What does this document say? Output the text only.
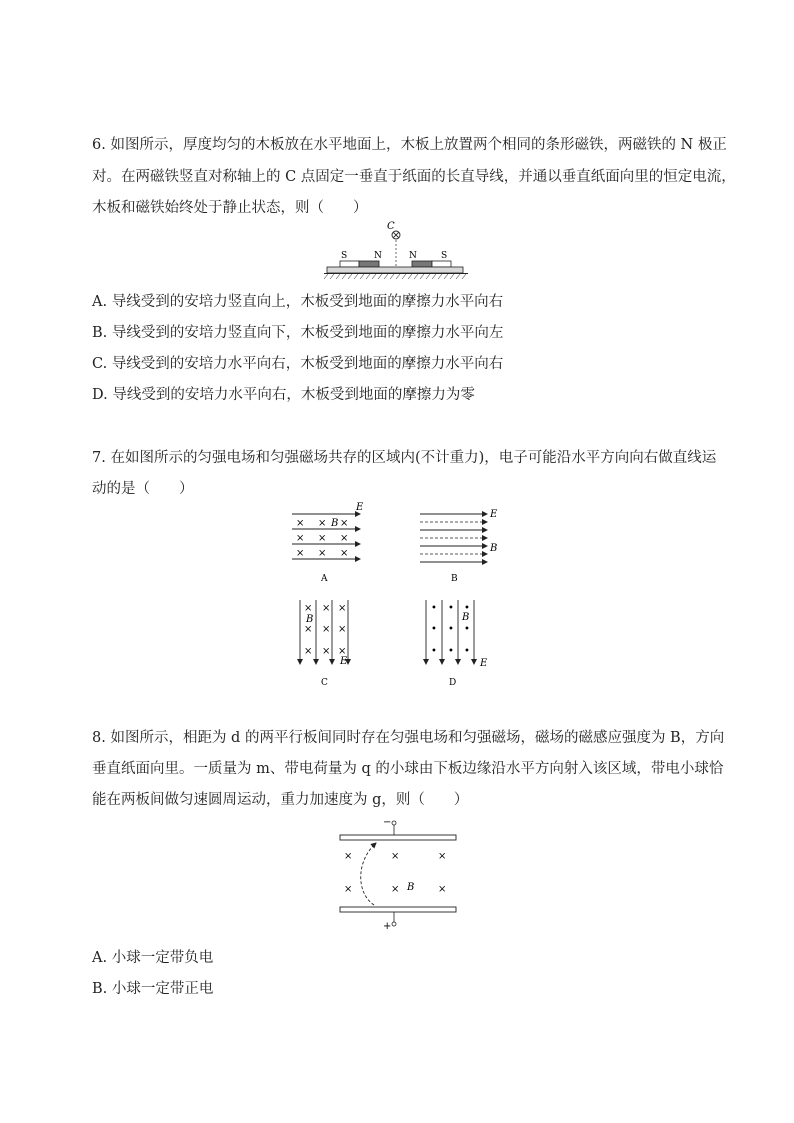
6. 如图所示，厚度均匀的木板放在水平地面上，木板上放置两个相同的条形磁铁，两磁铁的 N 极正
对。在两磁铁竖直对称轴上的 C 点固定一垂直于纸面的长直导线，并通以垂直纸面向里的恒定电流，
木板和磁铁始终处于静止状态，则（　　）
C
S	N	N	S
A. 导线受到的安培力竖直向上，木板受到地面的摩擦力水平向右
B. 导线受到的安培力竖直向下，木板受到地面的摩擦力水平向左
C. 导线受到的安培力水平向右，木板受到地面的摩擦力水平向右
D. 导线受到的安培力水平向右，木板受到地面的摩擦力为零
7. 在如图所示的匀强电场和匀强磁场共存的区域内(不计重力)，电子可能沿水平方向向右做直线运
动的是（　　）
E
B
× × ×
× × ×
× × ×
A
E
B
B
× × ×
× × ×
× × ×
B
E
C
• • •
• • •
• • •
B
E
D
8. 如图所示，相距为 d 的两平行板间同时存在匀强电场和匀强磁场，磁场的磁感应强度为 B，方向
垂直纸面向里。一质量为 m、带电荷量为 q 的小球由下板边缘沿水平方向射入该区域，带电小球恰
能在两板间做匀速圆周运动，重力加速度为 g，则（　　）
−
+
×	×	×
×	×	×
B
A. 小球一定带负电
B. 小球一定带正电
